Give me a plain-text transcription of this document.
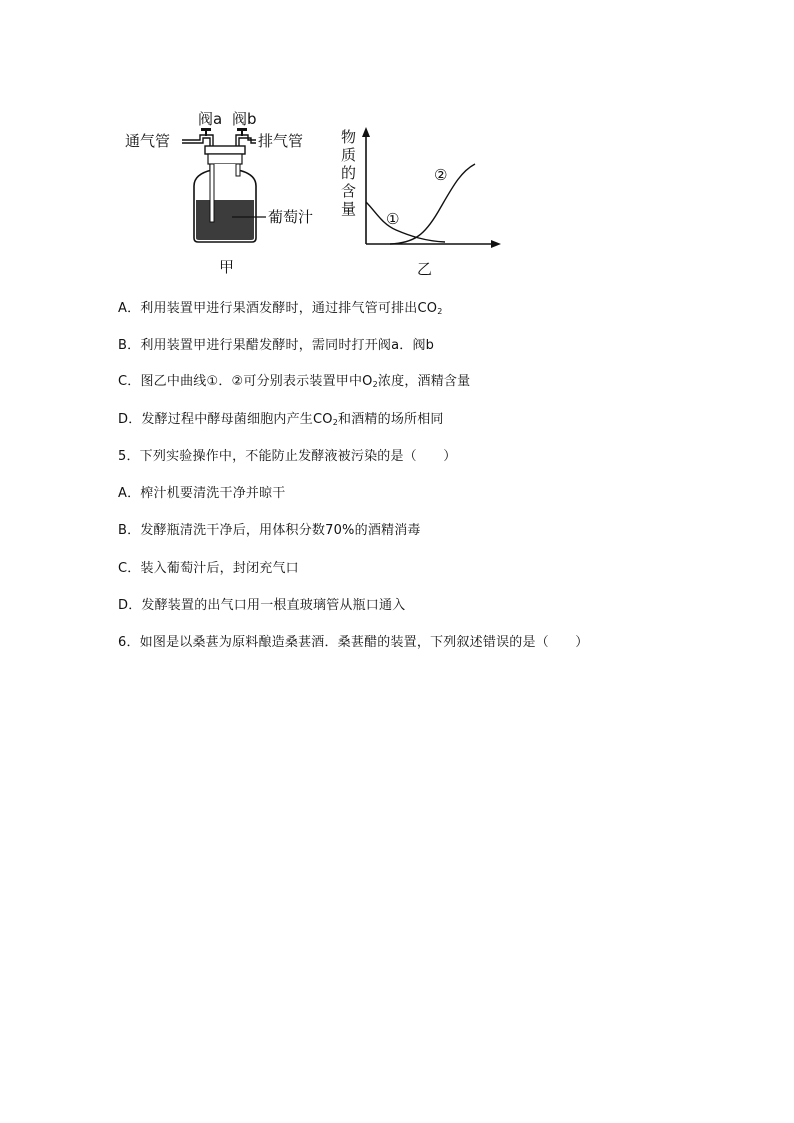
阀a 阀b
通气管	排气管
葡萄汁
甲
物
质
的
含
量
①
②
乙
A．利用装置甲进行果酒发酵时，通过排气管可排出$CO_2$
B．利用装置甲进行果醋发酵时，需同时打开阀a．阀b
C．图乙中曲线①．②可分别表示装置甲中$O_2$浓度，酒精含量
D．发酵过程中酵母菌细胞内产生$CO_2$和酒精的场所相同
5．下列实验操作中，不能防止发酵液被污染的是（　　）
A．榨汁机要清洗干净并晾干
B．发酵瓶清洗干净后，用体积分数70%的酒精消毒
C．装入葡萄汁后，封闭充气口
D．发酵装置的出气口用一根直玻璃管从瓶口通入
6．如图是以桑葚为原料酿造桑葚酒．桑葚醋的装置，下列叙述错误的是（　　）
